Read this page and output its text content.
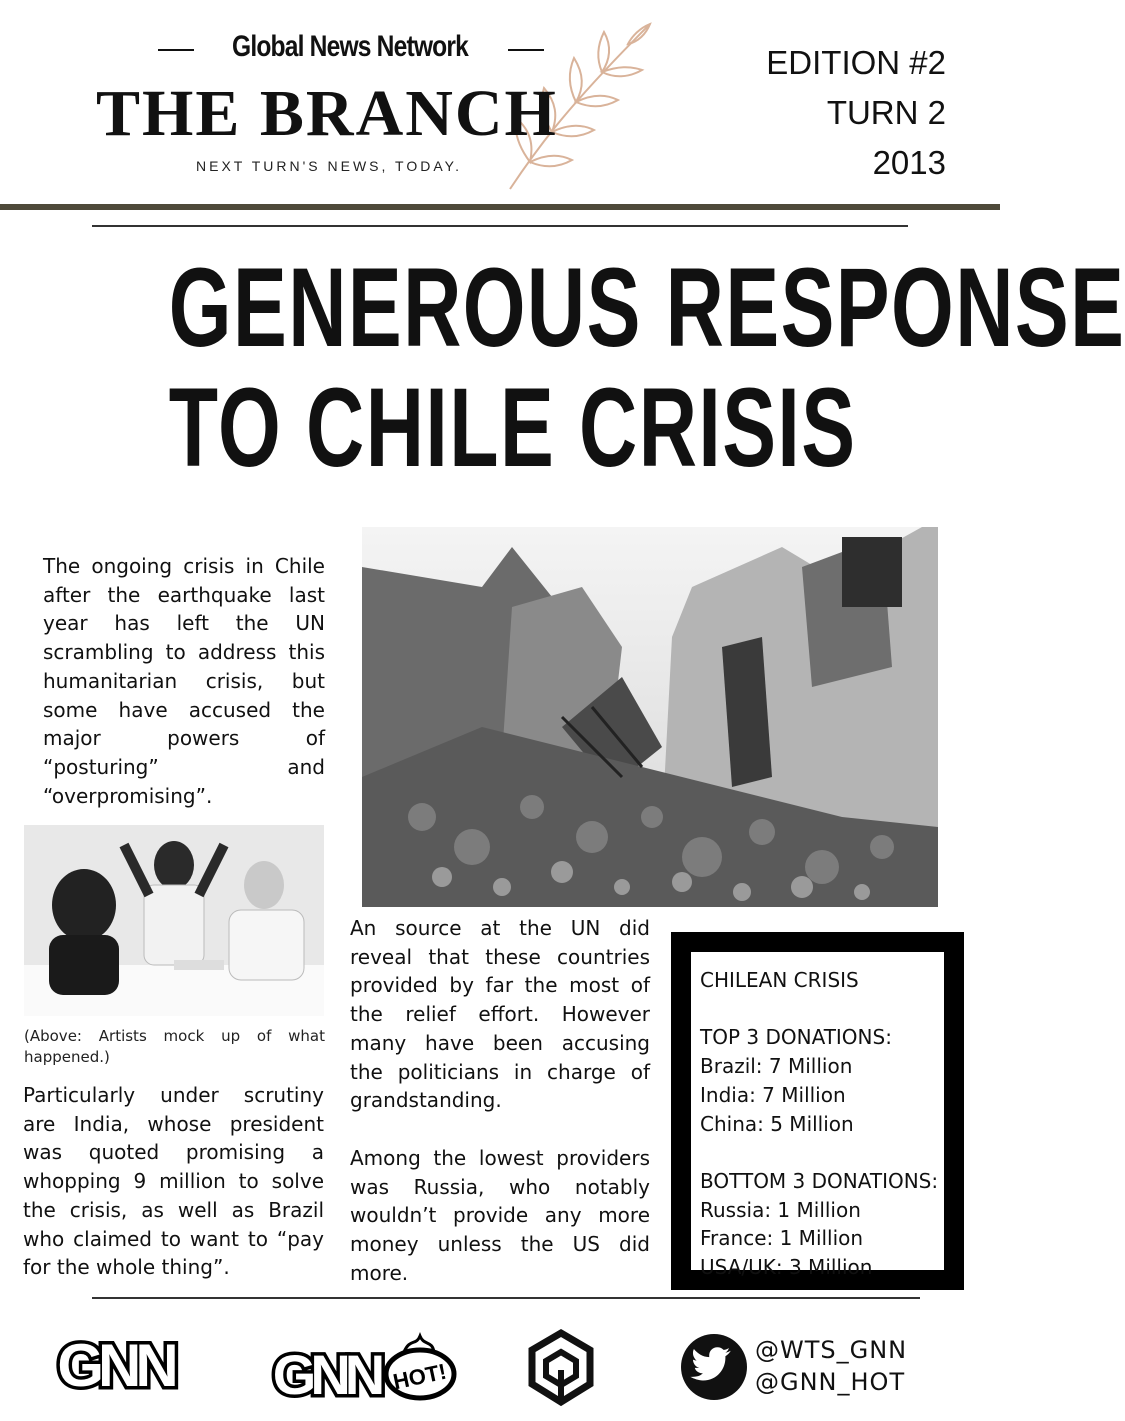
Global News Network
THE BRANCH
NEXT TURN'S NEWS, TODAY.
EDITION #2
TURN 2
2013
GENEROUS RESPONSE
TO CHILE CRISIS

The ongoing crisis in Chile after the earthquake last year has left the UN scrambling to address this humanitarian crisis, but some have accused the major powers of “posturing” and “overpromising”.

(Above: Artists mock up of what happened.)

Particularly under scrutiny are India, whose president was quoted promising a whopping 9 million to solve the crisis, as well as Brazil who claimed to want to “pay for the whole thing”.

An source at the UN did reveal that these countries provided by far the most of the relief effort. However many have been accusing the politicians in charge of grandstanding.

Among the lowest providers was Russia, who notably wouldn’t provide any more money unless the US did more.

CHILEAN CRISIS
TOP 3 DONATIONS:
Brazil: 7 Million
India: 7 Million
China: 5 Million
BOTTOM 3 DONATIONS:
Russia: 1 Million
France: 1 Million
USA/UK: 3 Million
GNN GNN HOT!
@WTS_GNN
@GNN_HOT
